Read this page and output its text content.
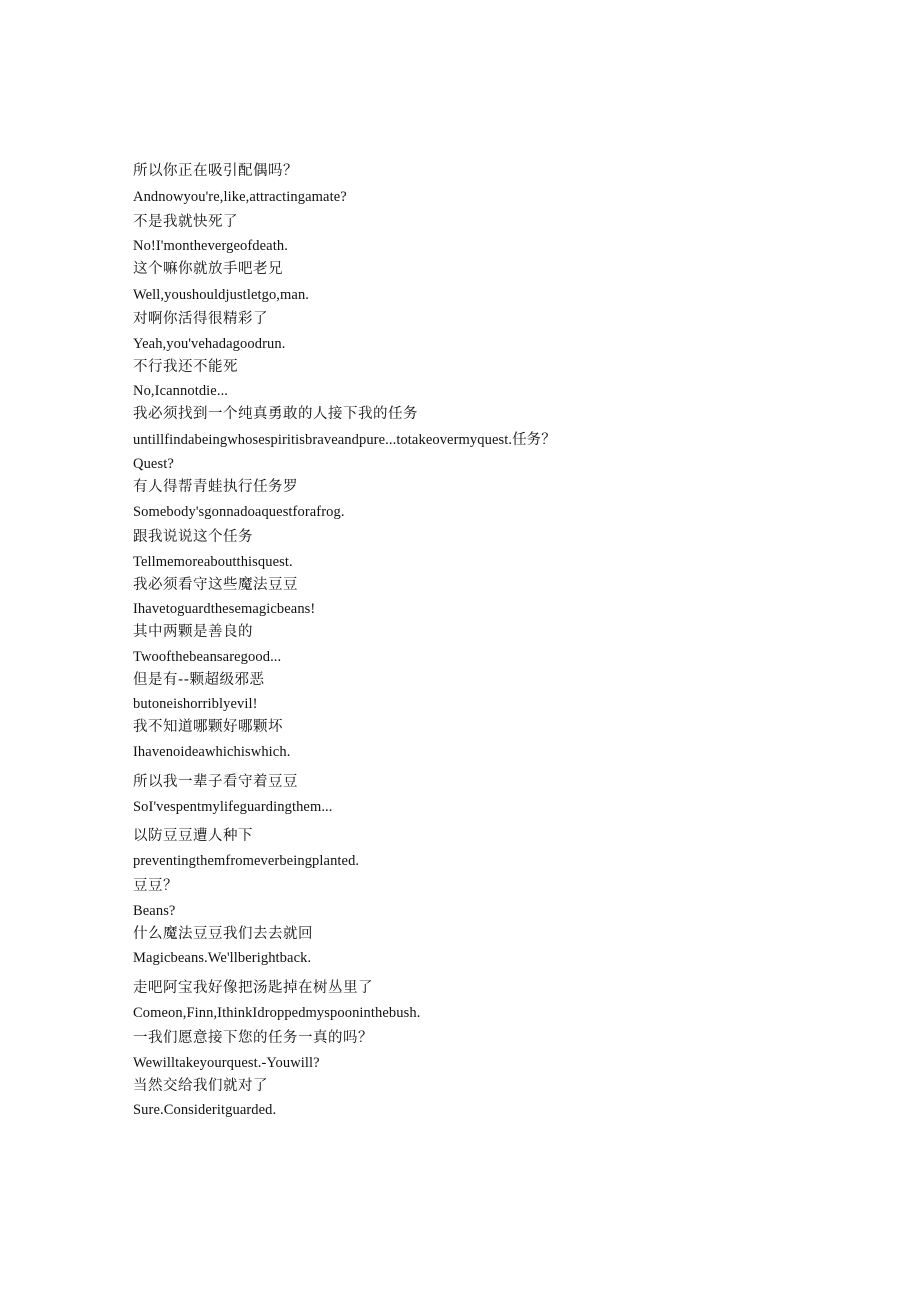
所以你正在吸引配偶吗？
Andnowyou're,like,attractingamate?
不是我就快死了
No!I'monthevergeofdeath.
这个嘛你就放手吧老兄
Well,youshouldjustletgo,man.
对啊你活得很精彩了
Yeah,you'vehadagoodrun.
不行我还不能死
No,Icannotdie...
我必须找到一个纯真勇敢的人接下我的任务
untillfindabeingwhosespiritisbraveandpure...totakeovermyquest.任务？
Quest?
有人得帮青蛙执行任务罗
Somebody'sgonnadoaquestforafrog.
跟我说说这个任务
Tellmemoreaboutthisquest.
我必须看守这些魔法豆豆
Ihavetoguardthesemagicbeans!
其中两颗是善良的
Twoofthebeansaregood...
但是有--颗超级邪恶
butoneishorriblyevil!
我不知道哪颗好哪颗坏
Ihavenoideawhichiswhich.
所以我一辈子看守着豆豆
SoI'vespentmylifeguardingthem...
以防豆豆遭人种下
preventingthemfromeverbeingplanted.
豆豆？
Beans?
什么魔法豆豆我们去去就回
Magicbeans.We'llberightback.
走吧阿宝我好像把汤匙掉在树丛里了
Comeon,Finn,IthinkIdroppedmyspooninthebush.
一我们愿意接下您的任务一真的吗？
Wewilltakeyourquest.-Youwill?
当然交给我们就对了
Sure.Consideritguarded.
